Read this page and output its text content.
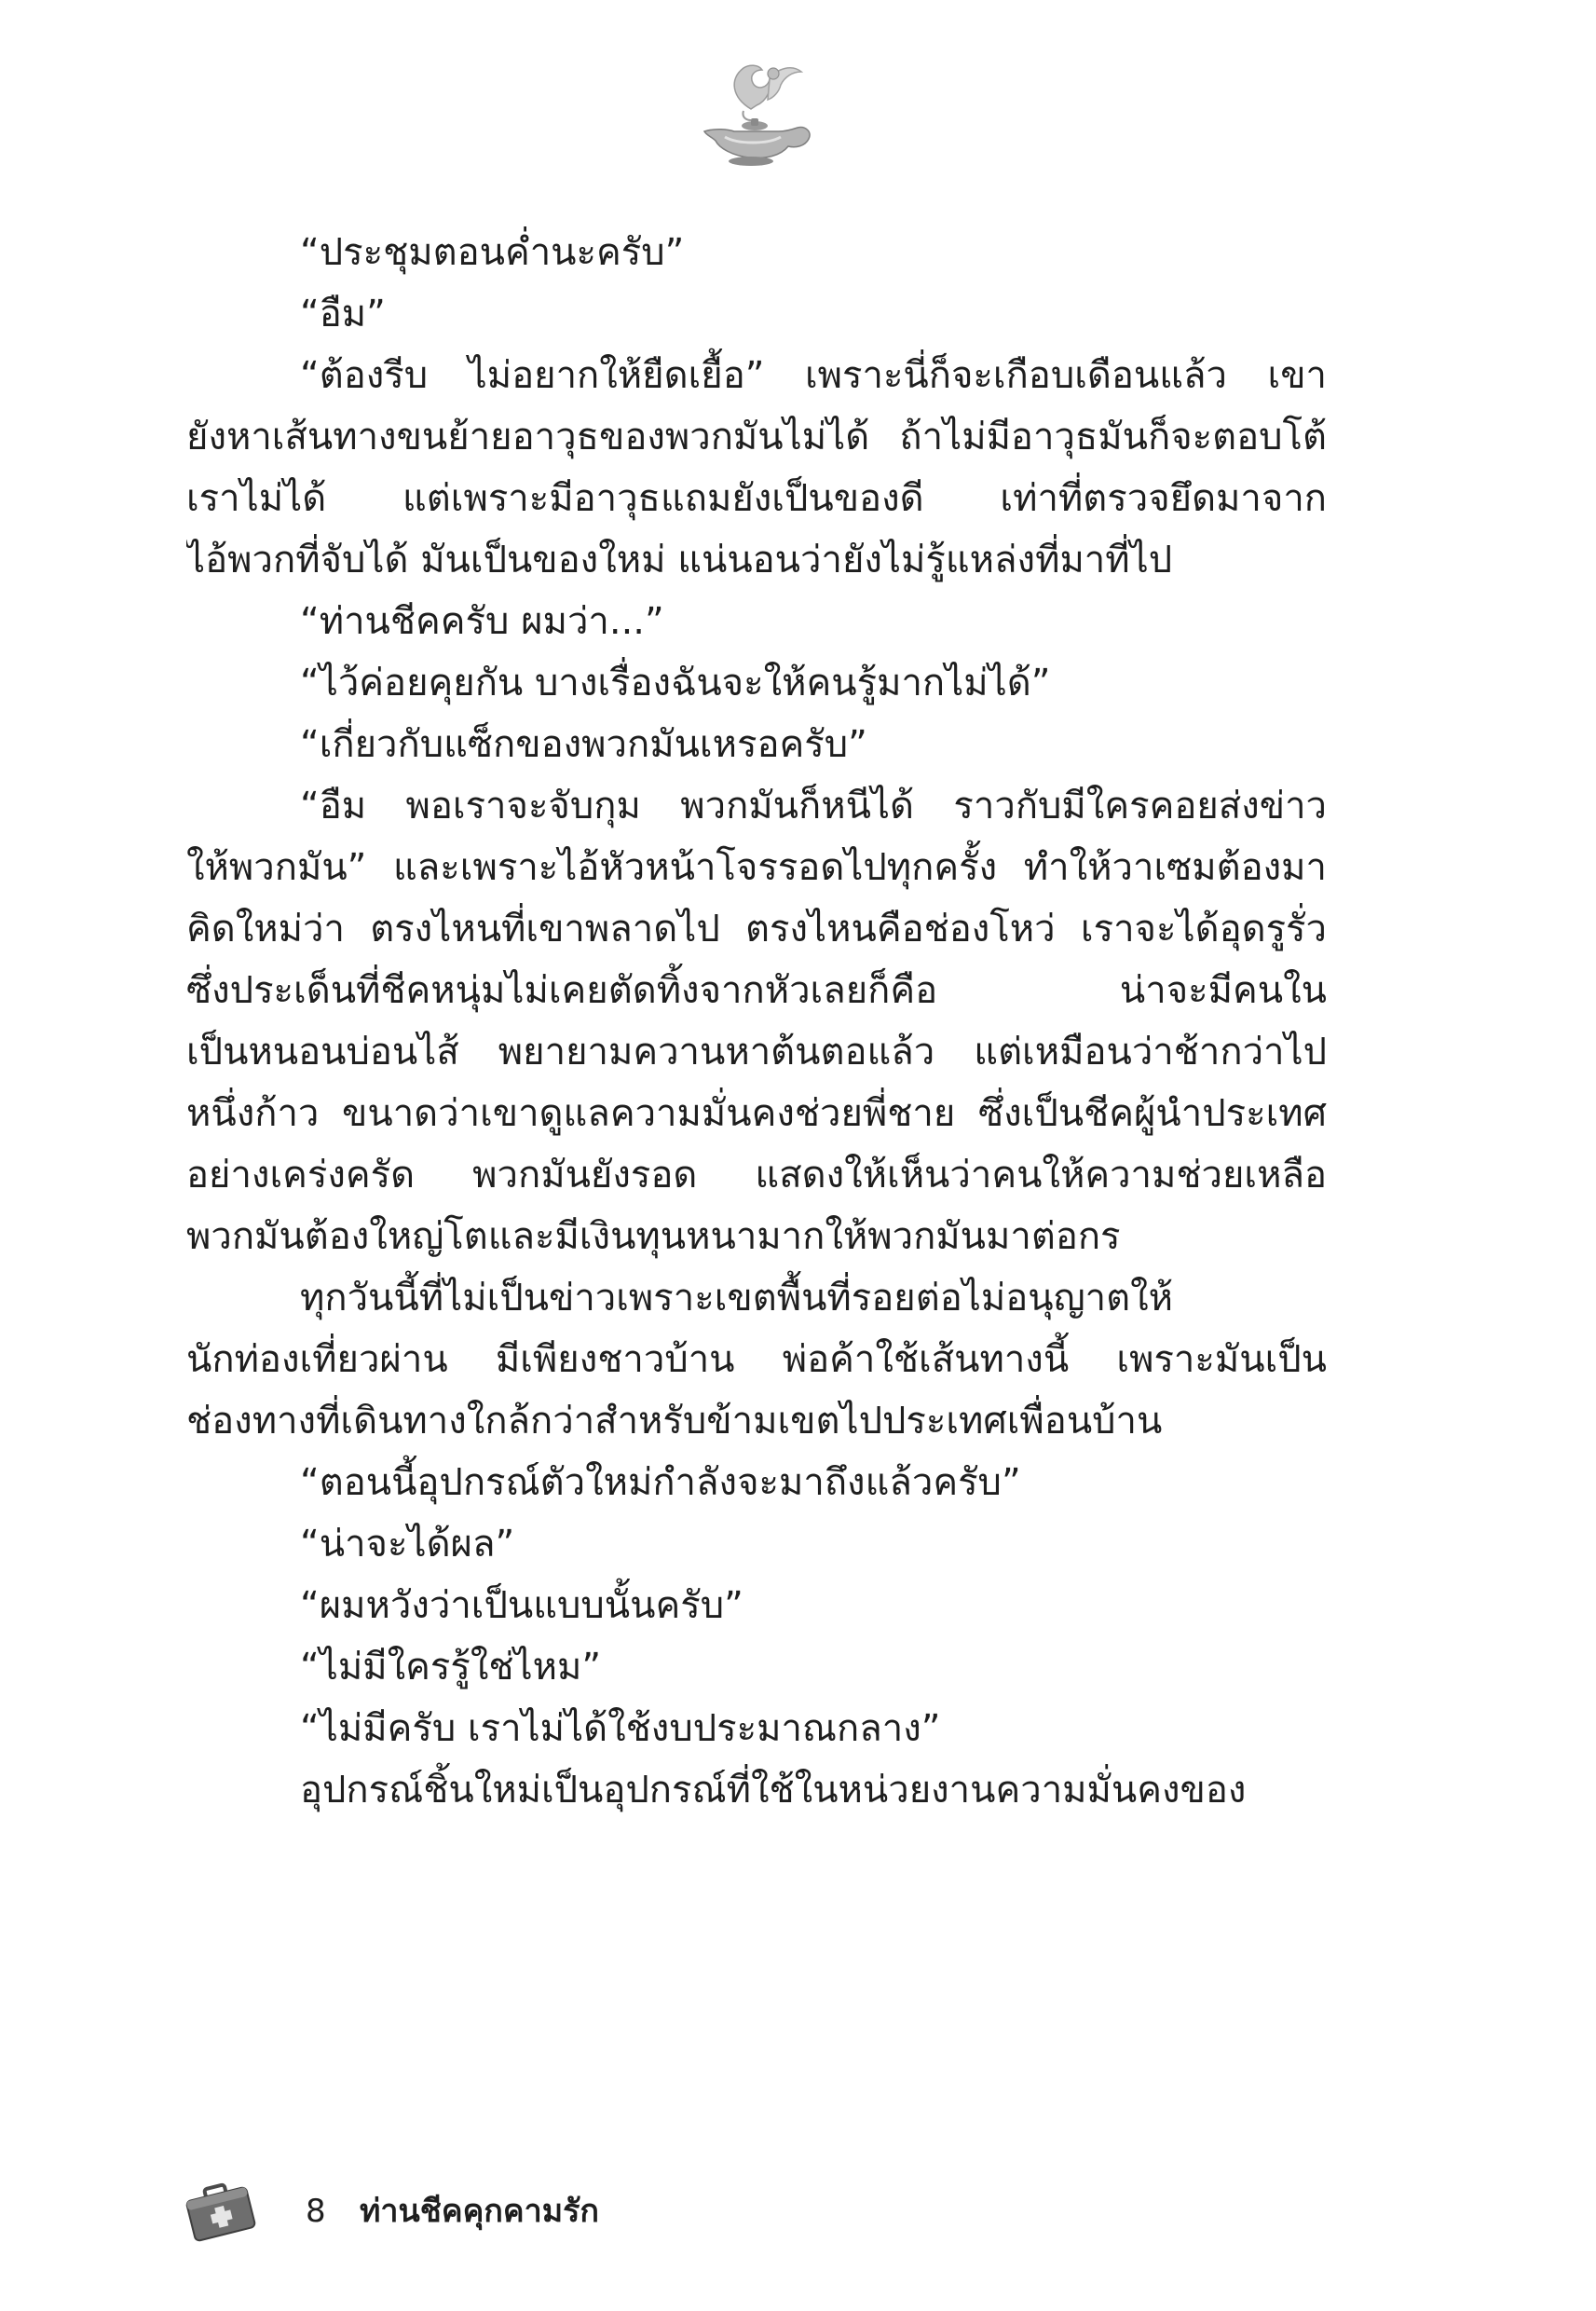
“ประชุมตอนค่ำนะครับ”
“อืม”
“ต้องรีบ ไม่อยากให้ยืดเยื้อ” เพราะนี่ก็จะเกือบเดือนแล้ว เขา
ยังหาเส้นทางขนย้ายอาวุธของพวกมันไม่ได้ ถ้าไม่มีอาวุธมันก็จะตอบโต้
เราไม่ได้ แต่เพราะมีอาวุธแถมยังเป็นของดี เท่าที่ตรวจยึดมาจาก
ไอ้พวกที่จับได้ มันเป็นของใหม่ แน่นอนว่ายังไม่รู้แหล่งที่มาที่ไป
“ท่านชีคครับ ผมว่า...”
“ไว้ค่อยคุยกัน บางเรื่องฉันจะให้คนรู้มากไม่ได้”
“เกี่ยวกับแซ็กของพวกมันเหรอครับ”
“อืม พอเราจะจับกุม พวกมันก็หนีได้ ราวกับมีใครคอยส่งข่าว
ให้พวกมัน” และเพราะไอ้หัวหน้าโจรรอดไปทุกครั้ง ทำให้วาเซมต้องมา
คิดใหม่ว่า ตรงไหนที่เขาพลาดไป ตรงไหนคือช่องโหว่ เราจะได้อุดรูรั่ว
ซึ่งประเด็นที่ชีคหนุ่มไม่เคยตัดทิ้งจากหัวเลยก็คือ น่าจะมีคนใน
เป็นหนอนบ่อนไส้ พยายามควานหาต้นตอแล้ว แต่เหมือนว่าช้ากว่าไป
หนึ่งก้าว ขนาดว่าเขาดูแลความมั่นคงช่วยพี่ชาย ซึ่งเป็นชีคผู้นำประเทศ
อย่างเคร่งครัด พวกมันยังรอด แสดงให้เห็นว่าคนให้ความช่วยเหลือ
พวกมันต้องใหญ่โตและมีเงินทุนหนามากให้พวกมันมาต่อกร
ทุกวันนี้ที่ไม่เป็นข่าวเพราะเขตพื้นที่รอยต่อไม่อนุญาตให้
นักท่องเที่ยวผ่าน มีเพียงชาวบ้าน พ่อค้าใช้เส้นทางนี้ เพราะมันเป็น
ช่องทางที่เดินทางใกล้กว่าสำหรับข้ามเขตไปประเทศเพื่อนบ้าน
“ตอนนี้อุปกรณ์ตัวใหม่กำลังจะมาถึงแล้วครับ”
“น่าจะได้ผล”
“ผมหวังว่าเป็นแบบนั้นครับ”
“ไม่มีใครรู้ใช่ไหม”
“ไม่มีครับ เราไม่ได้ใช้งบประมาณกลาง”
อุปกรณ์ชิ้นใหม่เป็นอุปกรณ์ที่ใช้ในหน่วยงานความมั่นคงของ
8 ท่านชีคคุกคามรัก
